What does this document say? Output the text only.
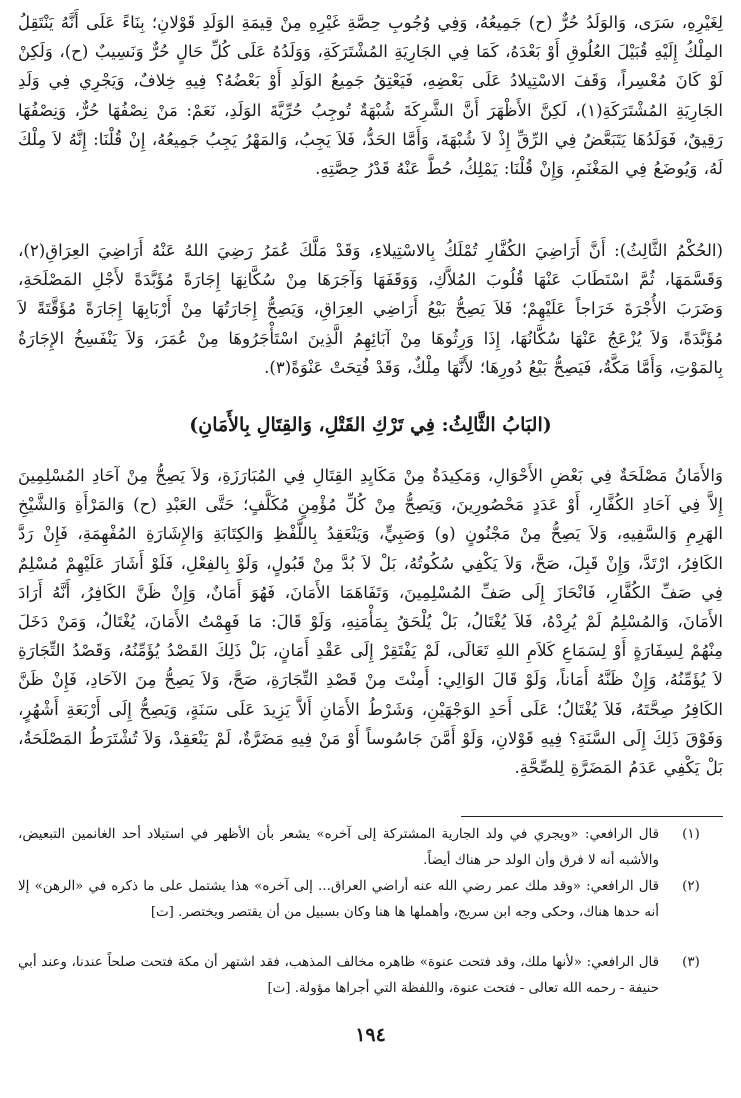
لِغَيْرِهِ، سَرَى، وَالوَلَدُ حُرٌّ (ح) جَمِيعُهُ، وَفِي وُجُوبِ حِصَّةِ غَيْرِهِ مِنْ قِيمَةِ الوَلَدِ قَوْلانِ؛ بِنَاءً عَلَى أَنَّهُ يَنْتَقِلُ المِلْكُ إِلَيْهِ قُبَيْلَ العُلُوقِ أَوْ بَعْدَهُ، كَمَا فِي الجَارِيَةِ المُشْتَرَكَةِ، وَوَلَدُهُ عَلَى كُلِّ حَالٍ حُرٌّ وَنَسِيبٌ (ح)، وَلَكِنْ لَوْ كَانَ مُعْسِراً، وَقَفَ الاسْتِيلادُ عَلَى بَعْضِهِ، فَيَعْتِقُ جَمِيعُ الوَلَدِ أَوْ بَعْضُهُ؟ فِيهِ خِلافٌ، وَيَجْرِي فِي وَلَدِ الجَارِيَةِ المُشْتَرَكَةِ(١)، لَكِنَّ الأَظْهَرَ أَنَّ الشَّرِكَةَ شُبْهَةٌ تُوجِبُ حُرِّيَّةَ الوَلَدِ، نَعَمْ: مَنْ نِصْفُهَا حُرٌّ، وَنِصْفُهَا رَقِيقٌ، فَوَلَدُهَا يَتَبَعَّضُ فِي الرِّقِّ إِذْ لاَ شُبْهَةَ، وَأَمَّا الحَدُّ، فَلاَ يَجِبُ، وَالمَهْرُ يَجِبُ جَمِيعُهُ، إِنْ قُلْنَا: إِنَّهُ لاَ مِلْكَ لَهُ، وَيُوضَعُ فِي المَغْنَمِ، وَإِنْ قُلْنَا: يَمْلِكُ، حُطَّ عَنْهُ قَدْرُ حِصَّتِهِ.

(الحُكْمُ الثَّالِثُ): أَنَّ أَرَاضِيَ الكُفَّارِ تُمْلَكُ بِالاسْتِيلاءِ، وَقَدْ مَلَّكَ عُمَرُ رَضِيَ اللهُ عَنْهُ أَرَاضِيَ العِرَاقِ(٢)، وَقَسَّمَهَا، ثُمَّ اسْتَطَابَ عَنْهَا قُلُوبَ المُلاَّكِ، وَوَقَفَهَا وَآجَرَهَا مِنْ سُكَّانِهَا إِجَارَةً مُؤَبَّدَةً لأَجْلِ المَصْلَحَةِ، وَضَرَبَ الأُجْرَةَ خَرَاجاً عَلَيْهِمْ؛ فَلاَ يَصِحُّ بَيْعُ أَرَاضِي العِرَاقِ، وَيَصِحُّ إِجَارَتُهَا مِنْ أَرْبَابِهَا إِجَارَةً مُؤَقَّتَةً لاَ مُؤَبَّدَةً، وَلاَ يُزْعَجُ عَنْهَا سُكَّانُهَا، إِذَا وَرِثُوهَا مِنْ آبَائِهِمُ الَّذِينَ اسْتَأْجَرُوهَا مِنْ عُمَرَ، وَلاَ يَنْفَسِخُ الإِجَارَةُ بِالمَوْتِ، وَأَمَّا مَكَّةُ، فَيَصِحُّ بَيْعُ دُورِهَا؛ لأَنَّهَا مِلْكٌ، وَقَدْ فُتِحَتْ عَنْوَةً(٣).

(البَابُ الثَّالِثُ: فِي تَرْكِ القَتْلِ، وَالقِتَالِ بِالأَمَانِ)

وَالأَمَانُ مَصْلَحَةٌ فِي بَعْضِ الأَحْوَالِ، وَمَكِيدَةٌ مِنْ مَكَايِدِ القِتَالِ فِي المُبَارَزَةِ، وَلاَ يَصِحُّ مِنْ آحَادِ المُسْلِمِينَ إِلاَّ فِي آحَادِ الكُفَّارِ، أَوْ عَدَدٍ مَحْصُورِينَ، وَيَصِحُّ مِنْ كُلِّ مُؤْمِنٍ مُكَلَّفٍ؛ حَتَّى العَبْدِ (ح) وَالمَرْأَةِ وَالشَّيْخِ الهَرِمِ وَالسَّفِيهِ، وَلاَ يَصِحُّ مِنْ مَجْنُونٍ (و) وَصَبِيٍّ، وَيَنْعَقِدُ بِاللَّفْظِ وَالكِتَابَةِ وَالإِشَارَةِ المُفْهِمَةِ، فَإِنْ رَدَّ الكَافِرُ، ارْتَدَّ، وَإِنْ قَبِلَ، صَحَّ، وَلاَ يَكْفِي سُكُوتُهُ، بَلْ لاَ بُدَّ مِنْ قَبُولٍ، وَلَوْ بِالفِعْلِ، فَلَوْ أَشَارَ عَلَيْهِمْ مُسْلِمٌ فِي صَفِّ الكُفَّارِ، فَانْحَازَ إِلَى صَفِّ المُسْلِمِينَ، وَتَفَاهَمَا الأَمَانَ، فَهُوَ أَمَانٌ، وَإِنْ ظَنَّ الكَافِرُ، أَنَّهُ أَرَادَ الأَمَانَ، وَالمُسْلِمُ لَمْ يُرِدْهُ، فَلاَ يُغْتَالُ، بَلْ يُلْحَقُ بِمَأْمَنِهِ، وَلَوْ قَالَ: مَا فَهِمْتُ الأَمَانَ، يُغْتَالُ، وَمَنْ دَخَلَ مِنْهُمْ لِسِفَارَةٍ أَوْ لِسَمَاعِ كَلاَمِ اللهِ تَعَالَى، لَمْ يَفْتَقِرْ إِلَى عَقْدِ أَمَانٍ، بَلْ ذَلِكَ القَصْدُ يُؤَمِّنُهُ، وَقَصْدُ التِّجَارَةِ لاَ يُؤَمِّنُهُ، وَإِنْ ظَنَّهُ أَمَاناً، وَلَوْ قَالَ الوَالِي: أَمِنْتَ مِنْ قَصْدِ التِّجَارَةِ، صَحَّ، وَلاَ يَصِحُّ مِنَ الآحَادِ، فَإِنْ ظَنَّ الكَافِرُ صِحَّتَهُ، فَلاَ يُغْتَالُ؛ عَلَى أَحَدِ الوَجْهَيْنِ، وَشَرْطُ الأَمَانِ أَلاَّ يَزِيدَ عَلَى سَنَةٍ، وَيَصِحُّ إِلَى أَرْبَعَةِ أَشْهُرٍ، وَفَوْقَ ذَلِكَ إِلَى السَّنَةِ؟ فِيهِ قَوْلانِ، وَلَوْ أَمَّنَ جَاسُوساً أَوْ مَنْ فِيهِ مَضَرَّةٌ، لَمْ يَنْعَقِدْ، وَلاَ تُشْتَرَطُ المَصْلَحَةُ، بَلْ يَكْفِي عَدَمُ المَضَرَّةِ لِلصِّحَّةِ.

(١)
قال الرافعي: «ويجري في ولد الجارية المشتركة إلى آخره» يشعر بأن الأظهر في استيلاد أحد الغانمين التبعيض، والأشبه أنه لا فرق وأن الولد حر هناك أيضاً.
(٢)
قال الرافعي: «وقد ملك عمر رضي الله عنه أراضي العراق... إلى آخره» هذا يشتمل على ما ذكره في «الرهن» إلا أنه حدها هناك، وحكى وجه ابن سريج، وأهملها ها هنا وكان بسبيل من أن يقتصر ويختصر. [ت]
(٣)
قال الرافعي: «لأنها ملك، وقد فتحت عنوة» ظاهره مخالف المذهب، فقد اشتهر أن مكة فتحت صلحاً عندنا، وعند أبي حنيفة - رحمه الله تعالى - فتحت عنوة، واللفظة التي أجراها مؤولة. [ت]
١٩٤
